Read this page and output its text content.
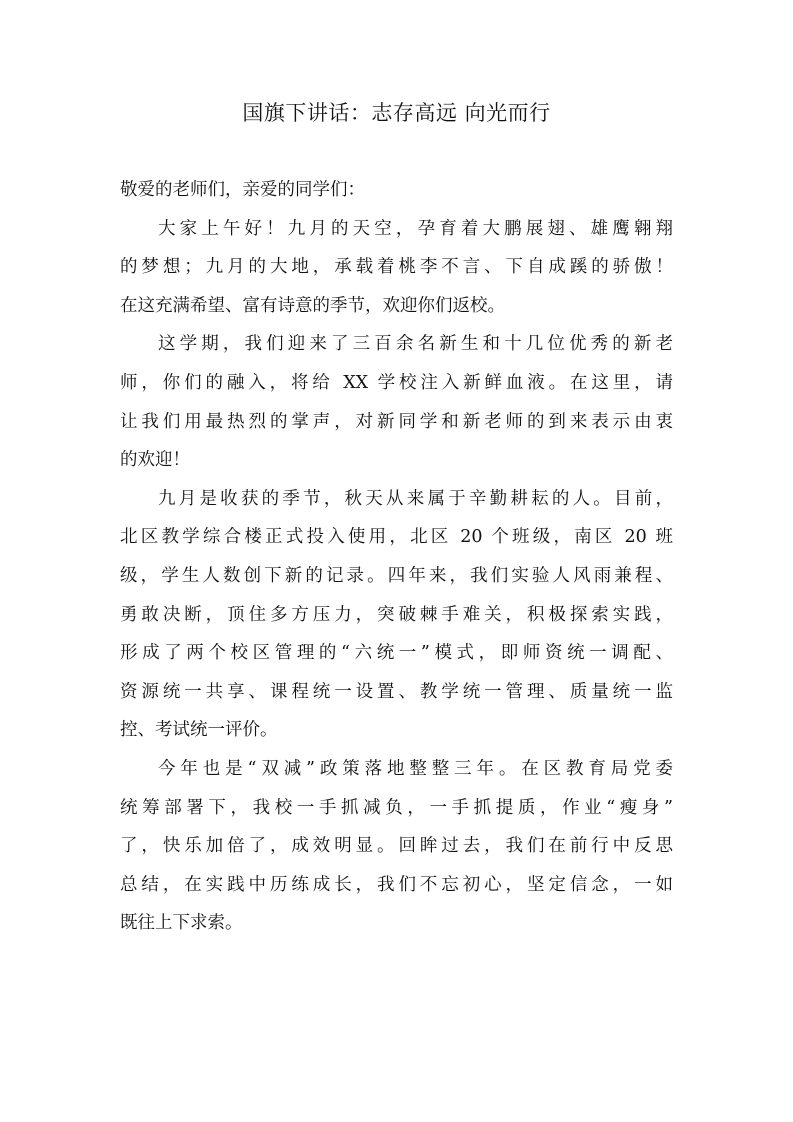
国旗下讲话：志存高远 向光而行
敬爱的老师们，亲爱的同学们：
大家上午好！九月的天空，孕育着大鹏展翅、雄鹰翱翔
的梦想；九月的大地，承载着桃李不言、下自成蹊的骄傲！
在这充满希望、富有诗意的季节，欢迎你们返校。
这学期，我们迎来了三百余名新生和十几位优秀的新老
师，你们的融入，将给 XX 学校注入新鲜血液。在这里，请
让我们用最热烈的掌声，对新同学和新老师的到来表示由衷
的欢迎！
九月是收获的季节，秋天从来属于辛勤耕耘的人。目前，
北区教学综合楼正式投入使用，北区 20 个班级，南区 20 班
级，学生人数创下新的记录。四年来，我们实验人风雨兼程、
勇敢决断，顶住多方压力，突破棘手难关，积极探索实践，
形成了两个校区管理的“六统一”模式，即师资统一调配、
资源统一共享、课程统一设置、教学统一管理、质量统一监
控、考试统一评价。
今年也是“双减”政策落地整整三年。在区教育局党委
统筹部署下，我校一手抓减负，一手抓提质，作业“瘦身”
了，快乐加倍了，成效明显。回眸过去，我们在前行中反思
总结，在实践中历练成长，我们不忘初心，坚定信念，一如
既往上下求索。
